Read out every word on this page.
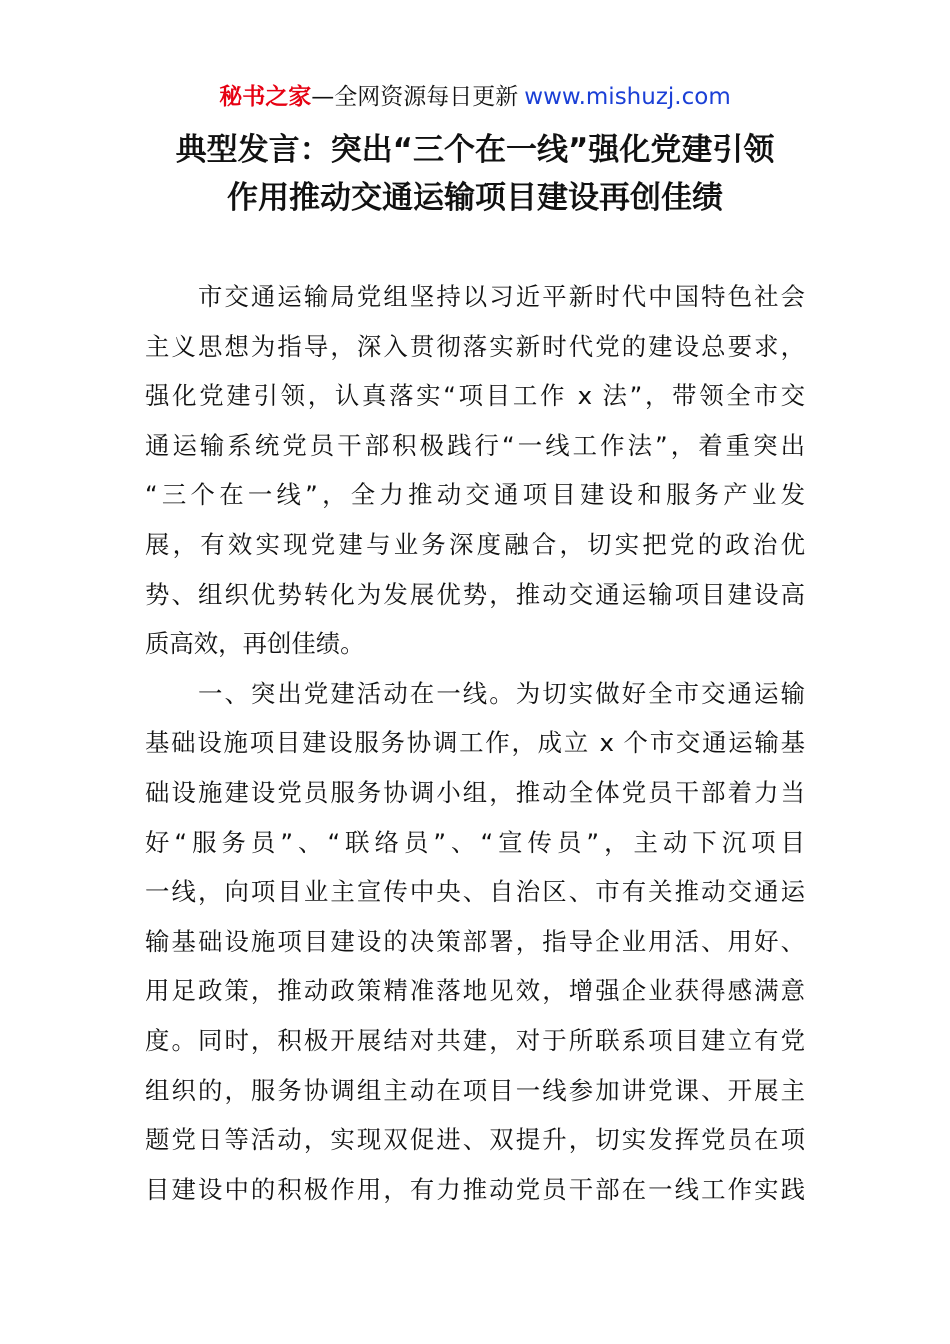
秘书之家—全网资源每日更新 www.mishuzj.com
典型发言：突出“三个在一线”强化党建引领
作用推动交通运输项目建设再创佳绩
　　市交通运输局党组坚持以习近平新时代中国特色社会
主义思想为指导，深入贯彻落实新时代党的建设总要求，
强化党建引领，认真落实“项目工作 x 法”，带领全市交
通运输系统党员干部积极践行“一线工作法”，着重突出
“三个在一线”，全力推动交通项目建设和服务产业发
展，有效实现党建与业务深度融合，切实把党的政治优
势、组织优势转化为发展优势，推动交通运输项目建设高
质高效，再创佳绩。
　　一、突出党建活动在一线。为切实做好全市交通运输
基础设施项目建设服务协调工作，成立 x 个市交通运输基
础设施建设党员服务协调小组，推动全体党员干部着力当
好“服务员”、“联络员”、“宣传员”，主动下沉项目
一线，向项目业主宣传中央、自治区、市有关推动交通运
输基础设施项目建设的决策部署，指导企业用活、用好、
用足政策，推动政策精准落地见效，增强企业获得感满意
度。同时，积极开展结对共建，对于所联系项目建立有党
组织的，服务协调组主动在项目一线参加讲党课、开展主
题党日等活动，实现双促进、双提升，切实发挥党员在项
目建设中的积极作用，有力推动党员干部在一线工作实践
